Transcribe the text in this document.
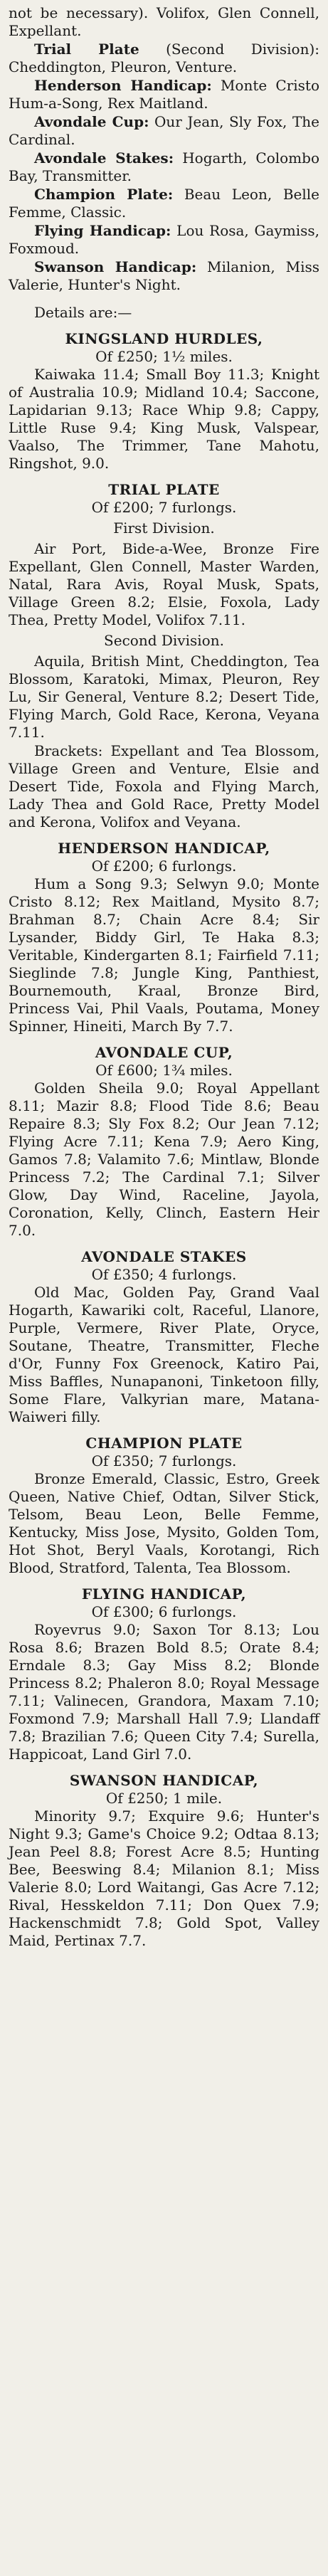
not be necessary). Volifox, Glen Connell, Expellant.

Trial Plate (Second Division): Cheddington, Pleuron, Venture.

Henderson Handicap: Monte Cristo Hum-a-Song, Rex Maitland.

Avondale Cup: Our Jean, Sly Fox, The Cardinal.

Avondale Stakes: Hogarth, Colombo Bay, Transmitter.

Champion Plate: Beau Leon, Belle Femme, Classic.

Flying Handicap: Lou Rosa, Gaymiss, Foxmoud.

Swanson Handicap: Milanion, Miss Valerie, Hunter's Night.

Details are:—

KINGSLAND HURDLES,

Of £250; 1½ miles.

Kaiwaka 11.4; Small Boy 11.3; Knight of Australia 10.9; Midland 10.4; Saccone, Lapidarian 9.13; Race Whip 9.8; Cappy, Little Ruse 9.4; King Musk, Valspear, Vaalso, The Trimmer, Tane Mahotu, Ringshot, 9.0.

TRIAL PLATE

Of £200; 7 furlongs.

First Division.

Air Port, Bide-a-Wee, Bronze Fire Expellant, Glen Connell, Master Warden, Natal, Rara Avis, Royal Musk, Spats, Village Green 8.2; Elsie, Foxola, Lady Thea, Pretty Model, Volifox 7.11.

Second Division.

Aquila, British Mint, Cheddington, Tea Blossom, Karatoki, Mimax, Pleuron, Rey Lu, Sir General, Venture 8.2; Desert Tide, Flying March, Gold Race, Kerona, Veyana 7.11.

Brackets: Expellant and Tea Blossom, Village Green and Venture, Elsie and Desert Tide, Foxola and Flying March, Lady Thea and Gold Race, Pretty Model and Kerona, Volifox and Veyana.

HENDERSON HANDICAP,

Of £200; 6 furlongs.

Hum a Song 9.3; Selwyn 9.0; Monte Cristo 8.12; Rex Maitland, Mysito 8.7; Brahman 8.7; Chain Acre 8.4; Sir Lysander, Biddy Girl, Te Haka 8.3; Veritable, Kindergarten 8.1; Fairfield 7.11; Sieglinde 7.8; Jungle King, Panthiest, Bournemouth, Kraal, Bronze Bird, Princess Vai, Phil Vaals, Poutama, Money Spinner, Hineiti, March By 7.7.

AVONDALE CUP,

Of £600; 1¾ miles.

Golden Sheila 9.0; Royal Appellant 8.11; Mazir 8.8; Flood Tide 8.6; Beau Repaire 8.3; Sly Fox 8.2; Our Jean 7.12; Flying Acre 7.11; Kena 7.9; Aero King, Gamos 7.8; Valamito 7.6; Mintlaw, Blonde Princess 7.2; The Cardinal 7.1; Silver Glow, Day Wind, Raceline, Jayola, Coronation, Kelly, Clinch, Eastern Heir 7.0.

AVONDALE STAKES

Of £350; 4 furlongs.

Old Mac, Golden Pay, Grand Vaal Hogarth, Kawariki colt, Raceful, Llanore, Purple, Vermere, River Plate, Oryce, Soutane, Theatre, Transmitter, Fleche d'Or, Funny Fox Greenock, Katiro Pai, Miss Baffles, Nunapanoni, Tinketoon filly, Some Flare, Valkyrian mare, Matana-Waiweri filly.

CHAMPION PLATE

Of £350; 7 furlongs.

Bronze Emerald, Classic, Estro, Greek Queen, Native Chief, Odtan, Silver Stick, Telsom, Beau Leon, Belle Femme, Kentucky, Miss Jose, Mysito, Golden Tom, Hot Shot, Beryl Vaals, Korotangi, Rich Blood, Stratford, Talenta, Tea Blossom.

FLYING HANDICAP,

Of £300; 6 furlongs.

Royevrus 9.0; Saxon Tor 8.13; Lou Rosa 8.6; Brazen Bold 8.5; Orate 8.4; Erndale 8.3; Gay Miss 8.2; Blonde Princess 8.2; Phaleron 8.0; Royal Message 7.11; Valinecen, Grandora, Maxam 7.10; Foxmond 7.9; Marshall Hall 7.9; Llandaff 7.8; Brazilian 7.6; Queen City 7.4; Surella, Happicoat, Land Girl 7.0.

SWANSON HANDICAP,

Of £250; 1 mile.

Minority 9.7; Exquire 9.6; Hunter's Night 9.3; Game's Choice 9.2; Odtaa 8.13; Jean Peel 8.8; Forest Acre 8.5; Hunting Bee, Beeswing 8.4; Milanion 8.1; Miss Valerie 8.0; Lord Waitangi, Gas Acre 7.12; Rival, Hesskeldon 7.11; Don Quex 7.9; Hackenschmidt 7.8; Gold Spot, Valley Maid, Pertinax 7.7.
